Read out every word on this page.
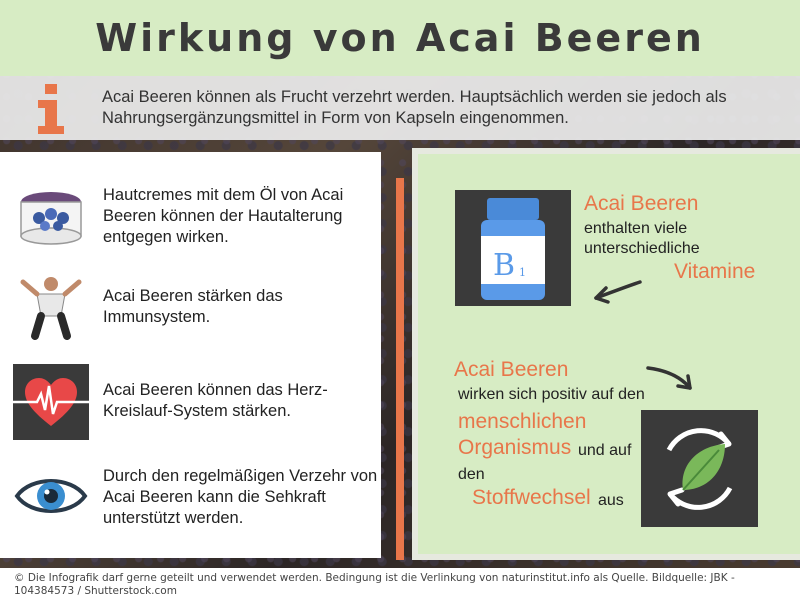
Wirkung von Acai Beeren

Acai Beeren können als Frucht verzehrt werden. Hauptsächlich werden sie jedoch als Nahrungsergänzungsmittel in Form von Kapseln eingenommen.

Hautcremes mit dem Öl von Acai Beeren können der Hautalterung entgegen wirken.

Acai Beeren stärken das Immunsystem.

Acai Beeren können das Herz-Kreislauf-System stärken.

Durch den regelmäßigen Verzehr von Acai Beeren kann die Sehkraft unterstützt werden.

B 1
Acai Beeren
enthalten viele
unterschiedliche
Vitamine
Acai Beeren
wirken sich positiv auf den
menschlichen
Organismus und auf
den
Stoffwechsel aus
© Die Infografik darf gerne geteilt und verwendet werden. Bedingung ist die Verlinkung von naturinstitut.info als Quelle. Bildquelle: JBK - 104384573 / Shutterstock.com
